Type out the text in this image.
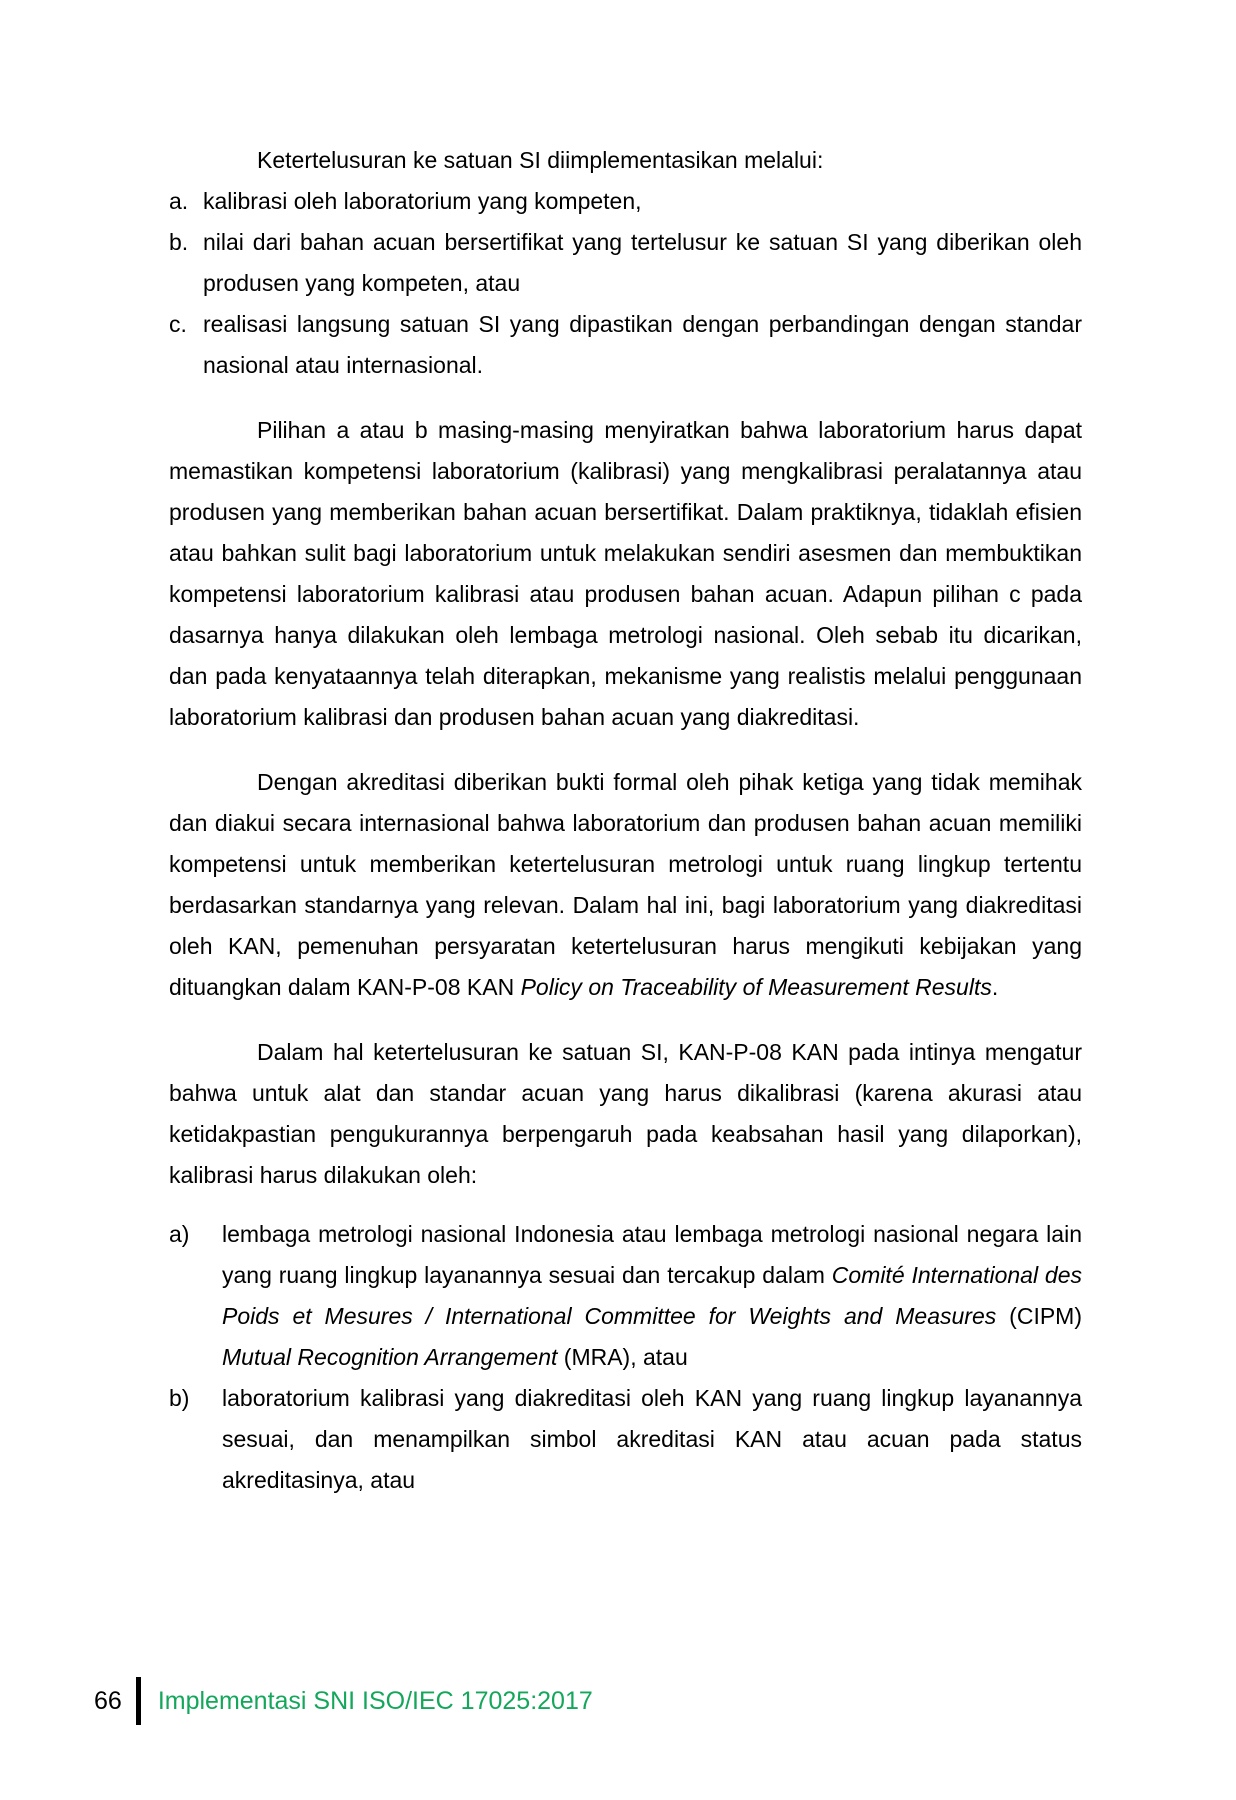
Ketertelusuran ke satuan SI diimplementasikan melalui:
a. kalibrasi oleh laboratorium yang kompeten,
b. nilai dari bahan acuan bersertifikat yang tertelusur ke satuan SI yang diberikan oleh produsen yang kompeten, atau
c. realisasi langsung satuan SI yang dipastikan dengan perbandingan dengan standar nasional atau internasional.
Pilihan a atau b masing-masing menyiratkan bahwa laboratorium harus dapat memastikan kompetensi laboratorium (kalibrasi) yang mengkalibrasi peralatannya atau produsen yang memberikan bahan acuan bersertifikat. Dalam praktiknya, tidaklah efisien atau bahkan sulit bagi laboratorium untuk melakukan sendiri asesmen dan membuktikan kompetensi laboratorium kalibrasi atau produsen bahan acuan. Adapun pilihan c pada dasarnya hanya dilakukan oleh lembaga metrologi nasional. Oleh sebab itu dicarikan, dan pada kenyataannya telah diterapkan, mekanisme yang realistis melalui penggunaan laboratorium kalibrasi dan produsen bahan acuan yang diakreditasi.
Dengan akreditasi diberikan bukti formal oleh pihak ketiga yang tidak memihak dan diakui secara internasional bahwa laboratorium dan produsen bahan acuan memiliki kompetensi untuk memberikan ketertelusuran metrologi untuk ruang lingkup tertentu berdasarkan standarnya yang relevan. Dalam hal ini, bagi laboratorium yang diakreditasi oleh KAN, pemenuhan persyaratan ketertelusuran harus mengikuti kebijakan yang dituangkan dalam KAN-P-08 KAN Policy on Traceability of Measurement Results.
Dalam hal ketertelusuran ke satuan SI, KAN-P-08 KAN pada intinya mengatur bahwa untuk alat dan standar acuan yang harus dikalibrasi (karena akurasi atau ketidakpastian pengukurannya berpengaruh pada keabsahan hasil yang dilaporkan), kalibrasi harus dilakukan oleh:
a)	lembaga metrologi nasional Indonesia atau lembaga metrologi nasional negara lain yang ruang lingkup layanannya sesuai dan tercakup dalam Comité International des Poids et Mesures / International Committee for Weights and Measures (CIPM) Mutual Recognition Arrangement (MRA), atau
b)	laboratorium kalibrasi yang diakreditasi oleh KAN yang ruang lingkup layanannya sesuai, dan menampilkan simbol akreditasi KAN atau acuan pada status akreditasinya, atau
66 Implementasi SNI ISO/IEC 17025:2017
